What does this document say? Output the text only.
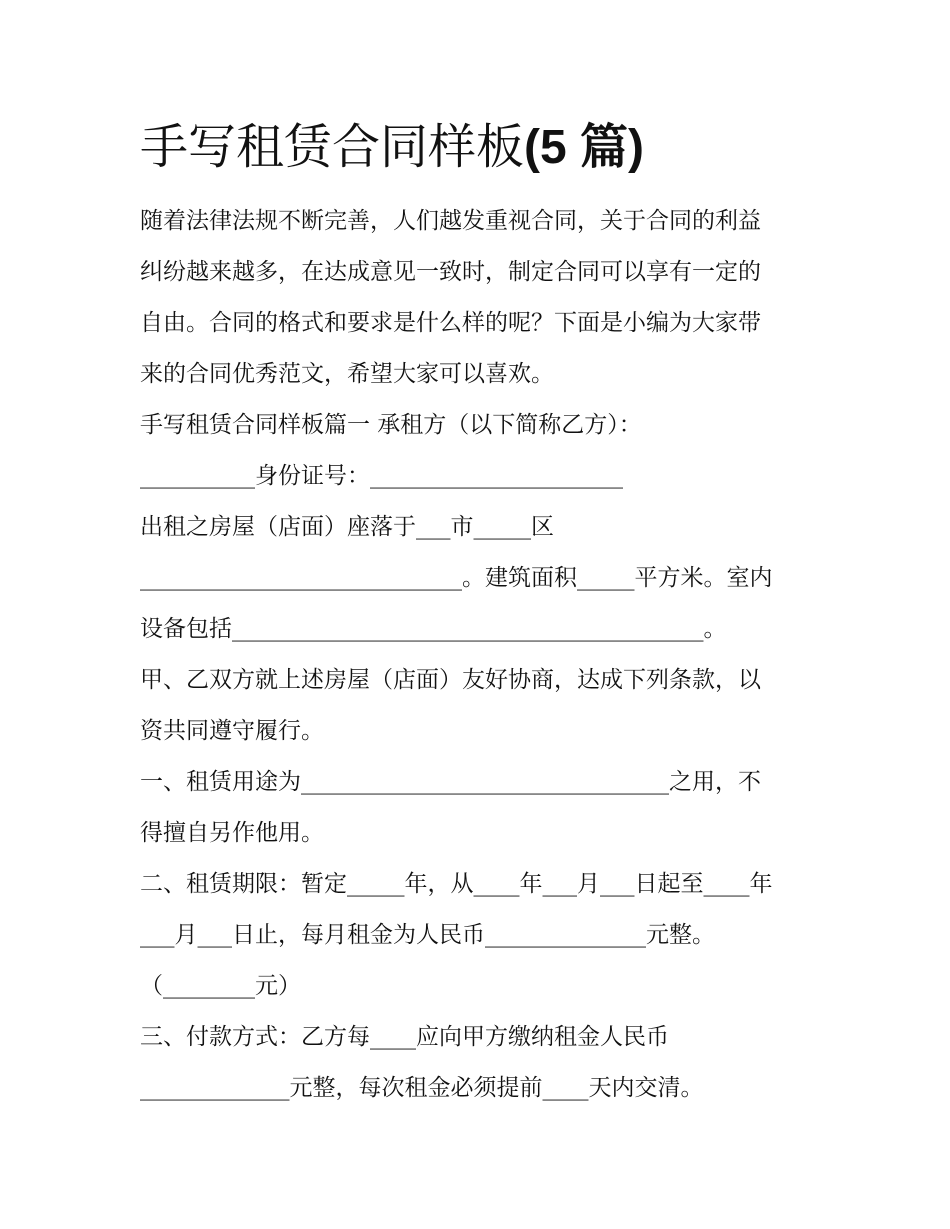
手写租赁合同样板(5 篇)
随着法律法规不断完善，人们越发重视合同，关于合同的利益
纠纷越来越多，在达成意见一致时，制定合同可以享有一定的
自由。合同的格式和要求是什么样的呢？下面是小编为大家带
来的合同优秀范文，希望大家可以喜欢。
手写租赁合同样板篇一 承租方（以下简称乙方）：
__________身份证号：______________________
出租之房屋（店面）座落于___市_____区
____________________________。建筑面积_____平方米。室内
设备包括_________________________________________。
甲、乙双方就上述房屋（店面）友好协商，达成下列条款，以
资共同遵守履行。
一、租赁用途为________________________________之用，不
得擅自另作他用。
二、租赁期限：暂定_____年，从____年___月___日起至____年
___月___日止，每月租金为人民币______________元整。
（________元）
三、付款方式：乙方每____应向甲方缴纳租金人民币
_____________元整，每次租金必须提前____天内交清。
